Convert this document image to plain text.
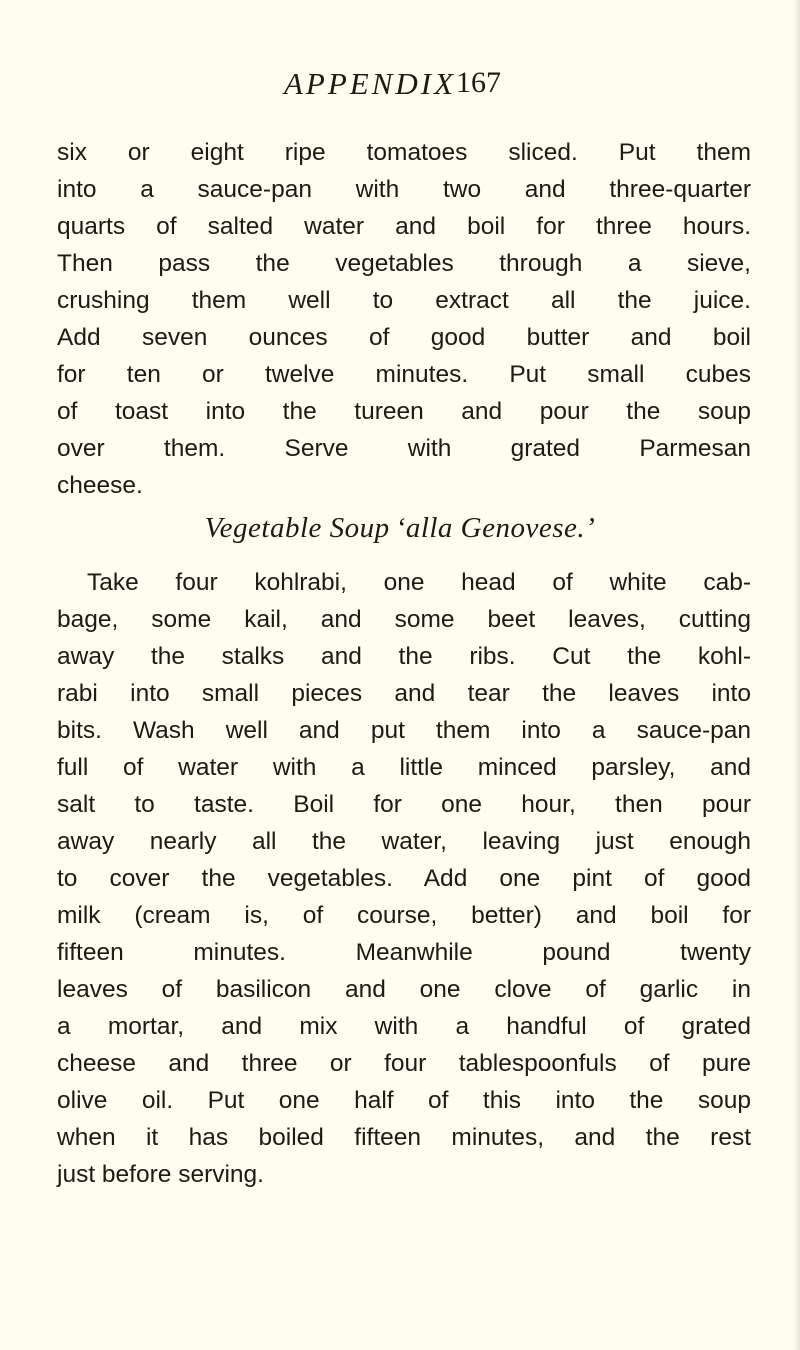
APPENDIX 167
six or eight ripe tomatoes sliced. Put them
into a sauce-pan with two and three-quarter
quarts of salted water and boil for three hours.
Then pass the vegetables through a sieve,
crushing them well to extract all the juice.
Add seven ounces of good butter and boil
for ten or twelve minutes. Put small cubes
of toast into the tureen and pour the soup
over them. Serve with grated Parmesan
cheese.
Vegetable Soup ‘alla Genovese.’
Take four kohlrabi, one head of white cab-
bage, some kail, and some beet leaves, cutting
away the stalks and the ribs. Cut the kohl-
rabi into small pieces and tear the leaves into
bits. Wash well and put them into a sauce-pan
full of water with a little minced parsley, and
salt to taste. Boil for one hour, then pour
away nearly all the water, leaving just enough
to cover the vegetables. Add one pint of good
milk (cream is, of course, better) and boil for
fifteen minutes. Meanwhile pound twenty
leaves of basilicon and one clove of garlic in
a mortar, and mix with a handful of grated
cheese and three or four tablespoonfuls of pure
olive oil. Put one half of this into the soup
when it has boiled fifteen minutes, and the rest
just before serving.
